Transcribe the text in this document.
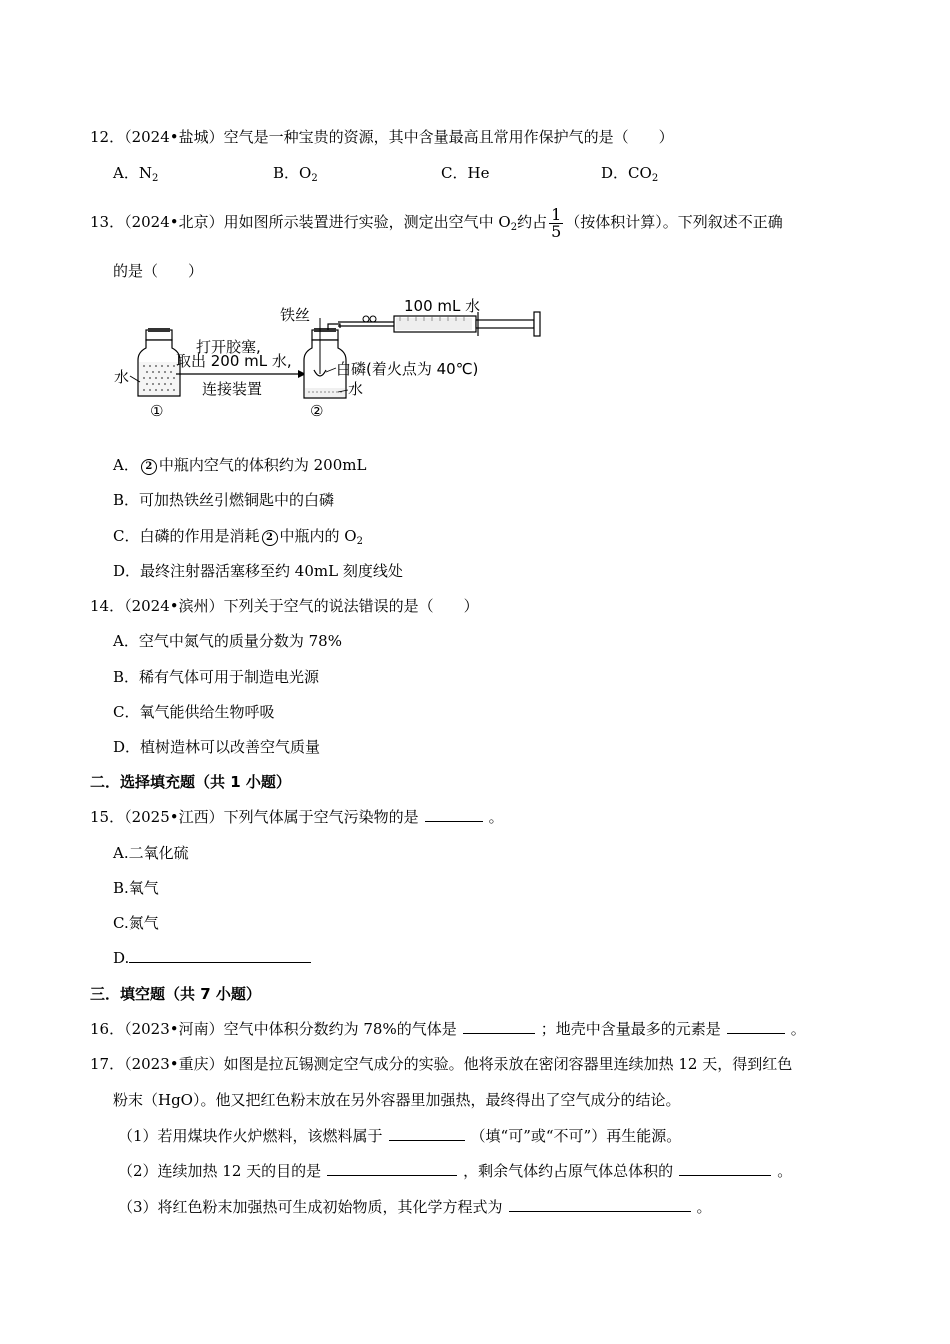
12．（2024•盐城）空气是一种宝贵的资源，其中含量最高且常用作保护气的是（　　）
A．$N_2$	B．$O_2$	C．He	D．$CO_2$
13．（2024•北京）用如图所示装置进行实验，测定出空气中 $O_2$约占 $\frac{1}{5}$ （按体积计算）。下列叙述不正确
的是（　　）
水
①
打开胶塞,
取出 200 mL 水,
连接装置
铁丝
白磷(着火点为 40℃)
水
②
100 mL 水
A． 2 中瓶内空气的体积约为 200mL
B．可加热铁丝引燃铜匙中的白磷
C．白磷的作用是消耗 2 中瓶内的 $O_2$
D．最终注射器活塞移至约 40mL 刻度线处
14．（2024•滨州）下列关于空气的说法错误的是（　　）
A．空气中氮气的质量分数为 78%
B．稀有气体可用于制造电光源
C．氧气能供给生物呼吸
D．植树造林可以改善空气质量
二．选择填充题（共 1 小题）
15．（2025•江西）下列气体属于空气污染物的是	。
A.二氧化硫
B.氧气
C.氮气
D.
三．填空题（共 7 小题）
16．（2023•河南）空气中体积分数约为 78%的气体是	；地壳中含量最多的元素是	。
17．（2023•重庆）如图是拉瓦锡测定空气成分的实验。他将汞放在密闭容器里连续加热 12 天，得到红色
粉末（HgO）。他又把红色粉末放在另外容器里加强热，最终得出了空气成分的结论。
（1）若用煤块作火炉燃料，该燃料属于	（填“可”或“不可”）再生能源。
（2）连续加热 12 天的目的是	，剩余气体约占原气体总体积的	。
（3）将红色粉末加强热可生成初始物质，其化学方程式为	。
